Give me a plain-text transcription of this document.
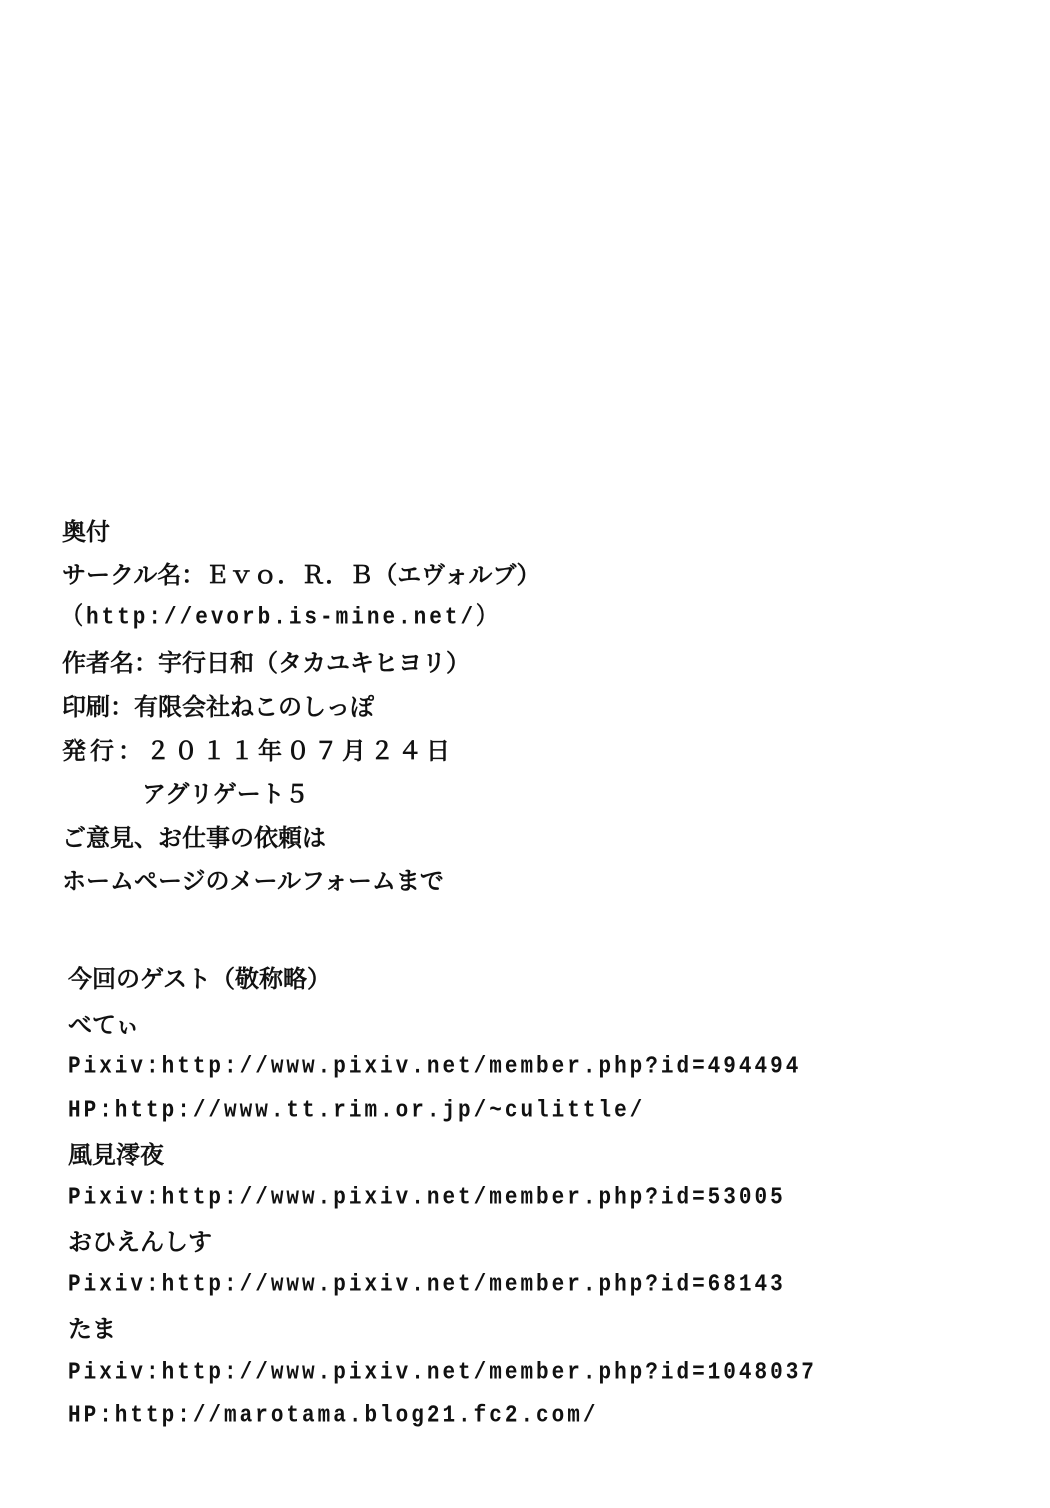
奥付
サークル名：Ｅｖｏ．Ｒ．Ｂ（エヴォルブ）
（http://evorb.is-mine.net/）
作者名：宇行日和（タカユキヒヨリ）
印刷：有限会社ねこのしっぽ
発行：２０１１年０７月２４日
アグリゲート５
ご意見、お仕事の依頼は
ホームページのメールフォームまで
今回のゲスト（敬称略）
べてぃ
Pixiv:http://www.pixiv.net/member.php?id=494494
HP:http://www.tt.rim.or.jp/~culittle/
風見澪夜
Pixiv:http://www.pixiv.net/member.php?id=53005
おひえんしす
Pixiv:http://www.pixiv.net/member.php?id=68143
たま
Pixiv:http://www.pixiv.net/member.php?id=1048037
HP:http://marotama.blog21.fc2.com/
